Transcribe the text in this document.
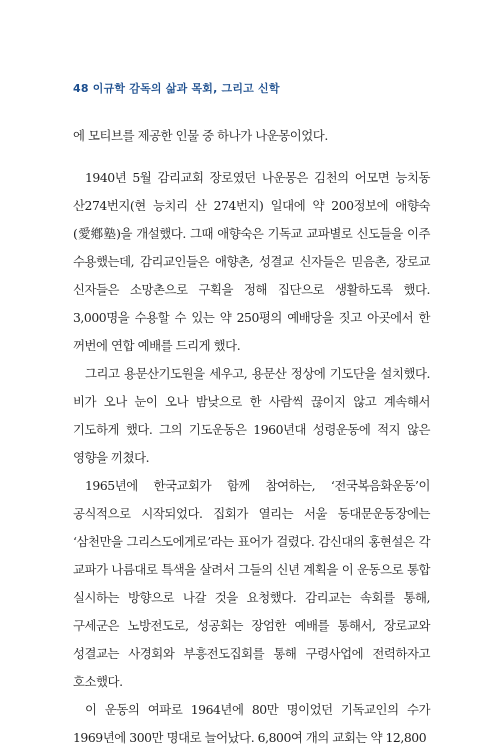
48 이규학 감독의 삶과 목회, 그리고 신학

에 모티브를 제공한 인물 중 하나가 나운몽이었다.

1940년 5월 감리교회 장로였던 나운몽은 김천의 어모면 능치동 산274번지(현 능치리 산 274번지) 일대에 약 200정보에 애향숙(愛鄕塾)을 개설했다. 그때 애향숙은 기독교 교파별로 신도들을 이주 수용했는데, 감리교인들은 애향촌, 성결교 신자들은 믿음촌, 장로교 신자들은 소망촌으로 구획을 정해 집단으로 생활하도록 했다. 3,000명을 수용할 수 있는 약 250평의 예배당을 짓고 아곳에서 한 꺼번에 연합 예배를 드리게 했다.

그리고 용문산기도원을 세우고, 용문산 정상에 기도단을 설치했다. 비가 오나 눈이 오나 밤낮으로 한 사람씩 끊이지 않고 계속해서 기도하게 했다. 그의 기도운동은 1960년대 성령운동에 적지 않은 영향을 끼쳤다.

1965년에 한국교회가 함께 참여하는, ‘전국복음화운동’이 공식적으로 시작되었다. 집회가 열리는 서울 동대문운동장에는 ‘삼천만을 그리스도에게로’라는 표어가 걸렸다. 감신대의 홍현설은 각 교파가 나름대로 특색을 살려서 그들의 신년 계획을 이 운동으로 통합 실시하는 방향으로 나갈 것을 요청했다. 감리교는 속회를 통해, 구세군은 노방전도로, 성공회는 장엄한 예배를 통해서, 장로교와 성결교는 사경회와 부흥전도집회를 통해 구령사업에 전력하자고 호소했다.

이 운동의 여파로 1964년에 80만 명이었던 기독교인의 수가 1969년에 300만 명대로 늘어났다. 6,800여 개의 교회는 약 12,800
